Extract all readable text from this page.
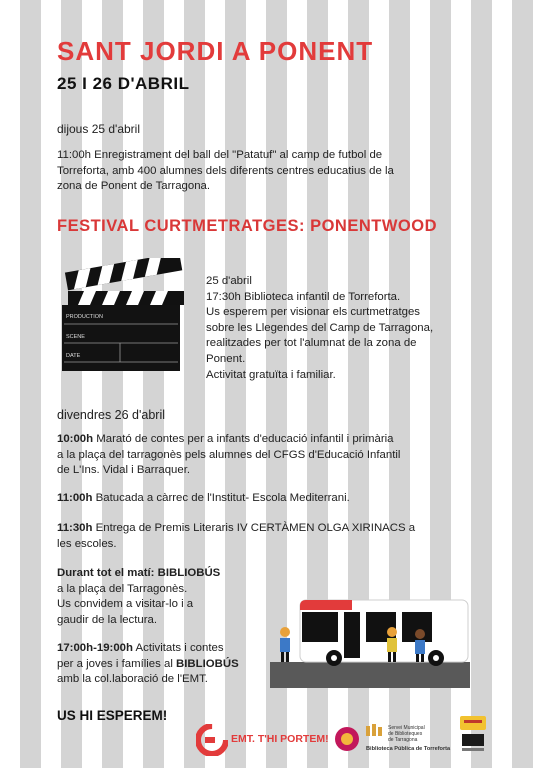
SANT JORDI A PONENT
25 I 26 D'ABRIL
dijous 25 d'abril
11:00h Enregistrament del ball del "Patatuf" al camp de futbol de
Torreforta, amb 400 alumnes dels diferents centres educatius de la
zona de Ponent de Tarragona.
FESTIVAL CURTMETRATGES: PONENTWOOD
PRODUCTION
SCENE
DATE
25 d'abril
17:30h Biblioteca infantil de Torreforta.
Us esperem per visionar els curtmetratges
sobre les Llegendes del Camp de Tarragona,
realitzades per tot l'alumnat de la zona de
Ponent.
Activitat gratuïta i familiar.
divendres 26 d'abril
10:00h Marató de contes per a infants d'educació infantil i primària
a la plaça del tarragonès pels alumnes del CFGS d'Educació Infantil
de L'Ins. Vidal i Barraquer.
11:00h Batucada a càrrec de l'Institut- Escola Mediterrani.
11:30h Entrega de Premis Literaris IV CERTÀMEN OLGA XIRINACS a
les escoles.
Durant tot el matí: BIBLIOBÚS
a la plaça del Tarragonès.
Us convidem a visitar-lo i a
gaudir de la lectura.
17:00h-19:00h Activitats i contes
per a joves i famílies al BIBLIOBÚS
amb la col.laboració de l'EMT.
US HI ESPEREM!
EMT. T'HI PORTEM!
Servei Municipal
de Biblioteques
de Tarragona
Biblioteca Pública de Torreforta
